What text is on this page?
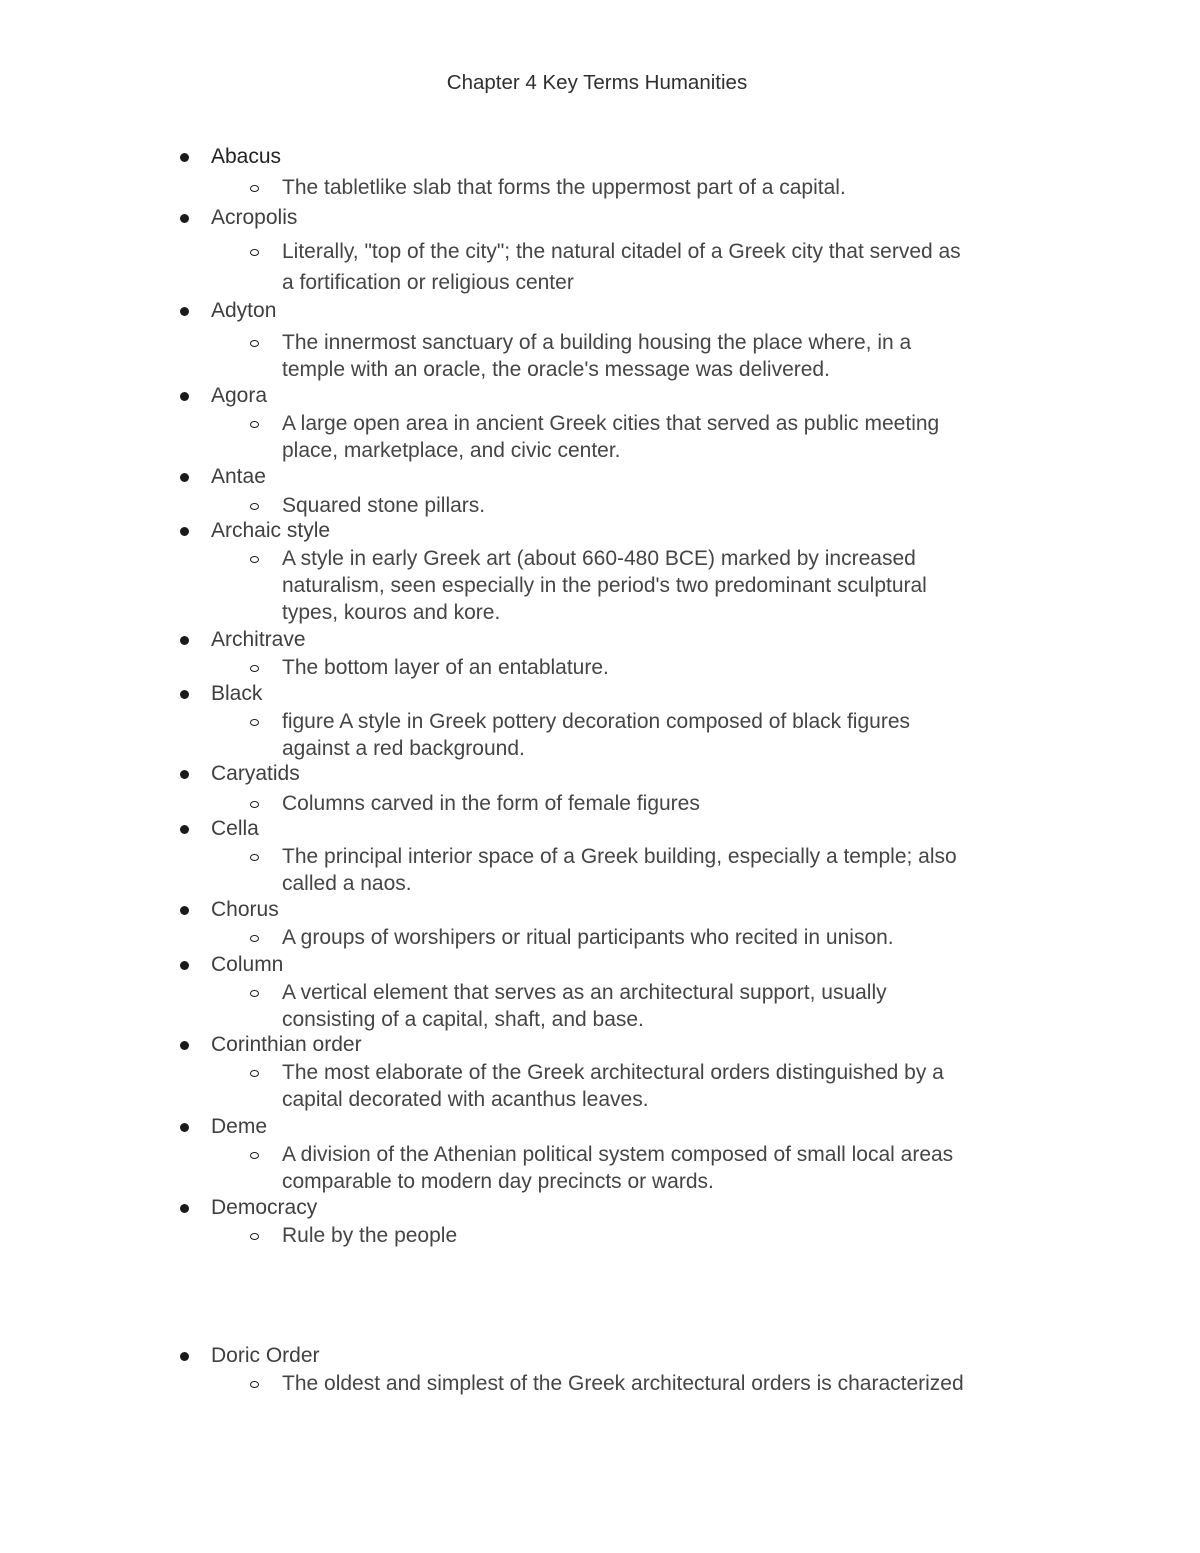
Chapter 4 Key Terms Humanities
Abacus
The tabletlike slab that forms the uppermost part of a capital.
Acropolis
Literally, "top of the city"; the natural citadel of a Greek city that served as
a fortification or religious center
Adyton
The innermost sanctuary of a building housing the place where, in a
temple with an oracle, the oracle's message was delivered.
Agora
A large open area in ancient Greek cities that served as public meeting
place, marketplace, and civic center.
Antae
Squared stone pillars.
Archaic style
A style in early Greek art (about 660-480 BCE) marked by increased
naturalism, seen especially in the period's two predominant sculptural
types, kouros and kore.
Architrave
The bottom layer of an entablature.
Black
figure A style in Greek pottery decoration composed of black figures
against a red background.
Caryatids
Columns carved in the form of female figures
Cella
The principal interior space of a Greek building, especially a temple; also
called a naos.
Chorus
A groups of worshipers or ritual participants who recited in unison.
Column
A vertical element that serves as an architectural support, usually
consisting of a capital, shaft, and base.
Corinthian order
The most elaborate of the Greek architectural orders distinguished by a
capital decorated with acanthus leaves.
Deme
A division of the Athenian political system composed of small local areas
comparable to modern day precincts or wards.
Democracy
Rule by the people
Doric Order
The oldest and simplest of the Greek architectural orders is characterized
